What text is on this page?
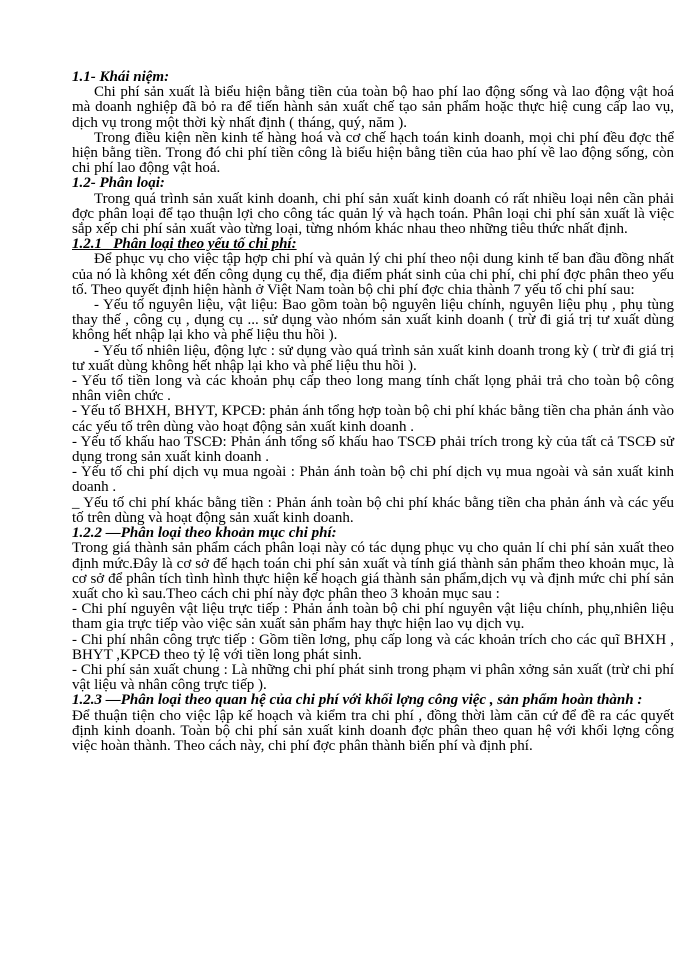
1.1- Khái niệm:

Chi phí sản xuất là biểu hiện bằng tiền của toàn bộ hao phí lao động sống và lao động vật hoá mà doanh nghiệp đã bỏ ra để tiến hành sản xuất chế tạo sản phẩm hoặc thực hiệ cung cấp lao vụ, dịch vụ trong một thời kỳ nhất định ( tháng, quý, năm ).

Trong điều kiện nền kinh tế hàng hoá và cơ chế hạch toán kinh doanh, mọi chi phí đều đợc thể hiện bằng tiền. Trong đó chi phí tiền công là biểu hiện bằng tiền của hao phí về lao động sống, còn chi phí lao động vật hoá.

1.2- Phân loại:

Trong quá trình sản xuất kinh doanh, chi phí sản xuất kinh doanh có rất nhiều loại nên cần phải đợc phân loại để tạo thuận lợi cho công tác quản lý và hạch toán. Phân loại chi phí sản xuất là việc sắp xếp chi phí sản xuất vào từng loại, từng nhóm khác nhau theo những tiêu thức nhất định.

1.2.1_ Phân loại theo yếu tố chi phí:

Để phục vụ cho việc tập hợp chi phí và quản lý chi phí theo nội dung kinh tế ban đầu đồng nhất của nó là không xét đến công dụng cụ thể, địa điểm phát sinh của chi phí, chi phí đợc phân theo yếu tố. Theo quyết định hiện hành ở Việt Nam toàn bộ chi phí đợc chia thành 7 yếu tố chi phí sau:

- Yếu tố nguyên liệu, vật liệu: Bao gồm toàn bộ nguyên liệu chính, nguyên liệu phụ , phụ tùng thay thế , công cụ , dụng cụ ... sử dụng vào nhóm sản xuất kinh doanh ( trừ đi giá trị tư xuất dùng không hết nhập lại kho và phế liệu thu hồi ).

- Yếu tố nhiên liệu, động lực : sử dụng vào quá trình sản xuất kinh doanh trong kỳ ( trừ đi giá trị tư xuất dùng không hết nhập lại kho và phế liệu thu hồi ).

- Yếu tố tiền long và các khoản phụ cấp theo long mang tính chất lọng phải trả cho toàn bộ công nhân viên chức .

- Yếu tố BHXH, BHYT, KPCĐ: phản ánh tổng hợp toàn bộ chi phí khác bằng tiền cha phản ánh vào các yếu tố trên dùng vào hoạt động sản xuất kinh doanh .

- Yếu tố khấu hao TSCĐ: Phản ánh tổng số khấu hao TSCĐ phải trích trong kỳ của tất cả TSCĐ sử dụng trong sản xuất kinh doanh .

- Yếu tố chi phí dịch vụ mua ngoài : Phản ánh toàn bộ chi phí dịch vụ mua ngoài và sản xuất kinh doanh .

_ Yếu tố chi phí khác bằng tiền : Phản ánh toàn bộ chi phí khác bằng tiền cha phản ánh và các yếu tố trên dùng và hoạt động sản xuất kinh doanh.

1.2.2 —Phân loại theo khoản mục chi phí:

Trong giá thành sản phẩm cách phân loại này có tác dụng phục vụ cho quản lí chi phí sản xuất theo định mức.Đây là cơ sở để hạch toán chi phí sản xuất và tính giá thành sản phẩm theo khoản mục, là cơ sở để phân tích tình hình thực hiện kế hoạch giá thành sản phẩm,dịch vụ và định mức chi phí sản xuất cho kì sau.Theo cách chi phí này đợc phân theo 3 khoản mục sau :

- Chi phí nguyên vật liệu trực tiếp : Phản ánh toàn bộ chi phí nguyên vật liệu chính, phụ,nhiên liệu tham gia trực tiếp vào việc sản xuất sản phẩm hay thực hiện lao vụ dịch vụ.

- Chi phí nhân công trực tiếp : Gồm tiền lơng, phụ cấp long và các khoản trích cho các quĩ BHXH , BHYT ,KPCĐ theo tỷ lệ với tiền long phát sinh.

- Chi phí sản xuất chung : Là những chi phí phát sinh trong phạm vi phân xởng sản xuất (trừ chi phí vật liệu và nhân công trực tiếp ).

1.2.3 —Phân loại theo quan hệ của chi phí với khối lợng công việc , sản phẩm hoàn thành :

Để thuận tiện cho việc lập kế hoạch và kiểm tra chi phí , đồng thời làm căn cứ để đề ra các quyết định kinh doanh. Toàn bộ chi phí sản xuất kinh doanh đợc phân theo quan hệ với khối lợng công việc hoàn thành. Theo cách này, chi phí đợc phân thành biến phí và định phí.
